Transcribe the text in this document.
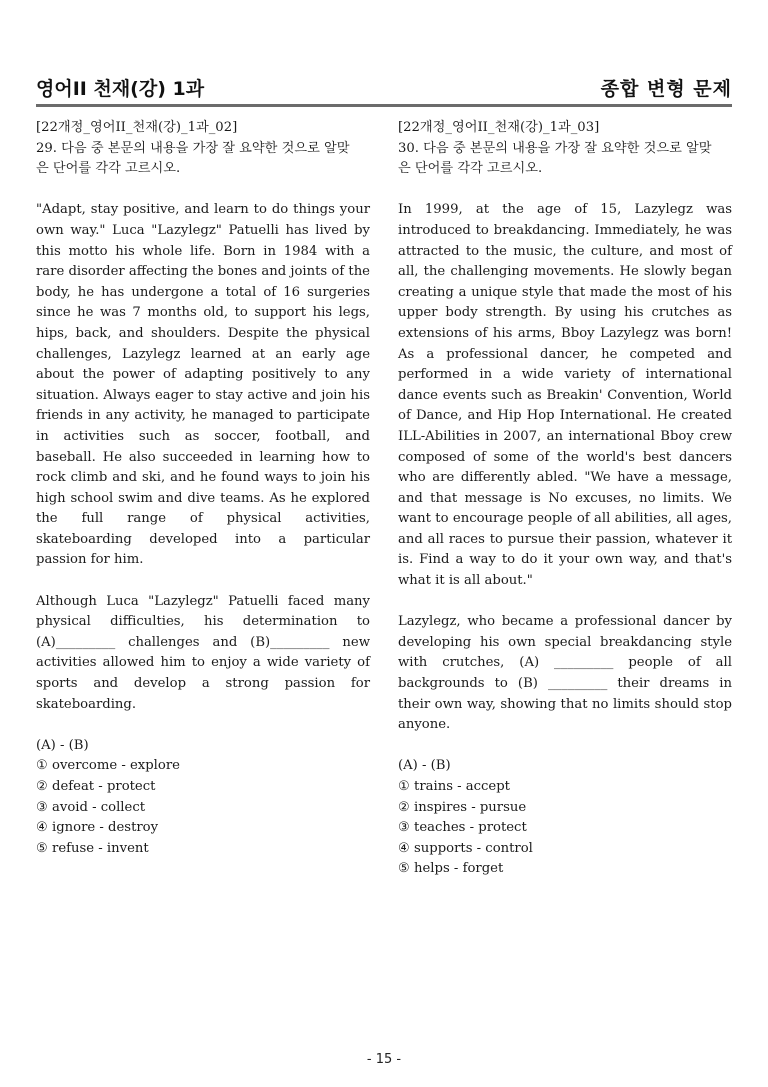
영어II 천재(강) 1과	종합 변형 문제
[22개정_영어II_천재(강)_1과_02]
29. 다음 중 본문의 내용을 가장 잘 요약한 것으로 알맞
은 단어를 각각 고르시오.
"Adapt, stay positive, and learn to do things your own way." Luca "Lazylegz" Patuelli has lived by this motto his whole life. Born in 1984 with a rare disorder affecting the bones and joints of the body, he has undergone a total of 16 surgeries since he was 7 months old, to support his legs, hips, back, and shoulders. Despite the physical challenges, Lazylegz learned at an early age about the power of adapting positively to any situation. Always eager to stay active and join his friends in any activity, he managed to participate in activities such as soccer, football, and baseball. He also succeeded in learning how to rock climb and ski, and he found ways to join his high school swim and dive teams. As he explored the full range of physical activities, skateboarding developed into a particular passion for him.
Although Luca "Lazylegz" Patuelli faced many physical difficulties, his determination to (A)_________ challenges and (B)_________ new activities allowed him to enjoy a wide variety of sports and develop a strong passion for skateboarding.
(A) - (B)
① overcome - explore
② defeat - protect
③ avoid - collect
④ ignore - destroy
⑤ refuse - invent
[22개정_영어II_천재(강)_1과_03]
30. 다음 중 본문의 내용을 가장 잘 요약한 것으로 알맞
은 단어를 각각 고르시오.
In 1999, at the age of 15, Lazylegz was introduced to breakdancing. Immediately, he was attracted to the music, the culture, and most of all, the challenging movements. He slowly began creating a unique style that made the most of his upper body strength. By using his crutches as extensions of his arms, Bboy Lazylegz was born! As a professional dancer, he competed and performed in a wide variety of international dance events such as Breakin' Convention, World of Dance, and Hip Hop International. He created ILL-Abilities in 2007, an international Bboy crew composed of some of the world's best dancers who are differently abled. "We have a message, and that message is No excuses, no limits. We want to encourage people of all abilities, all ages, and all races to pursue their passion, whatever it is. Find a way to do it your own way, and that's what it is all about."
Lazylegz, who became a professional dancer by developing his own special breakdancing style with crutches, (A) _________ people of all backgrounds to (B) _________ their dreams in their own way, showing that no limits should stop anyone.
(A) - (B)
① trains - accept
② inspires - pursue
③ teaches - protect
④ supports - control
⑤ helps - forget
- 15 -
